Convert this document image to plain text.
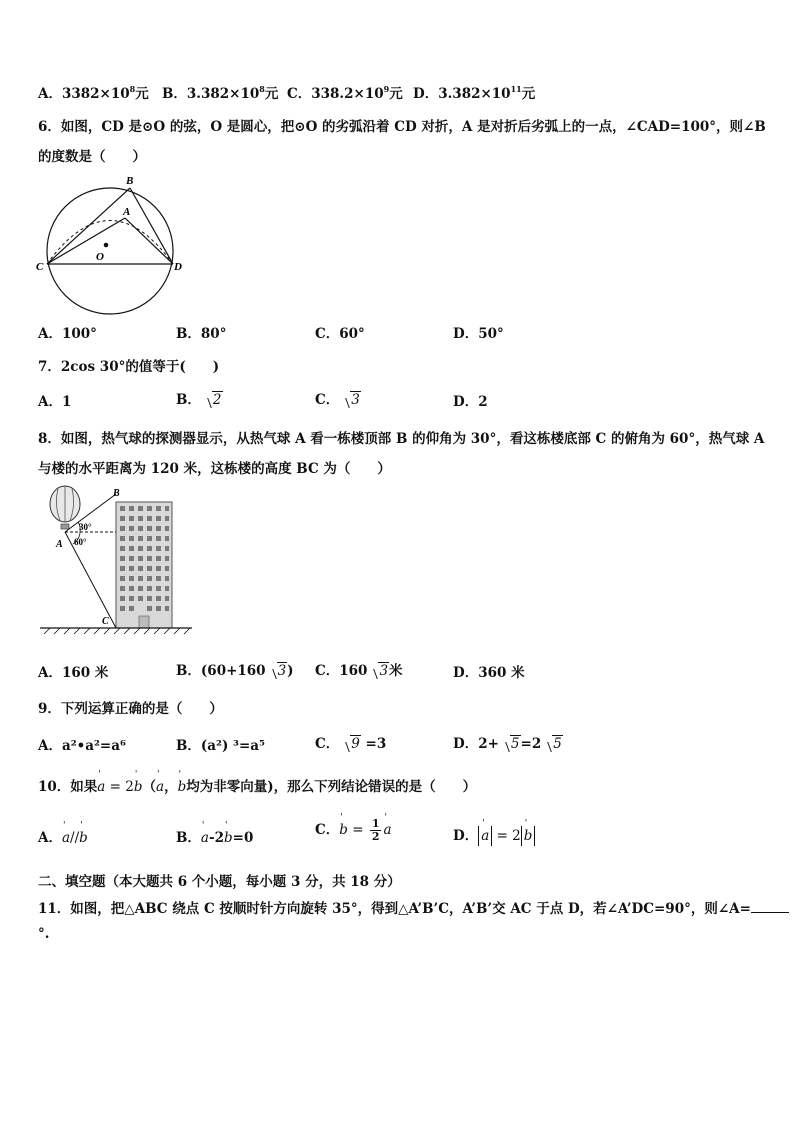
A．$3382\times 10^8$元 B．$3.382\times 10^8$元 C．$338.2\times 10^9$元 D．$3.382\times 10^{11}$元
6．如图，CD 是⊙O 的弦，O 是圆心，把⊙O 的劣弧沿着 CD 对折，A 是对折后劣弧上的一点，∠CAD=100°，则∠B
的度数是（　　）
B
A
O
C	D
A．100°	B．80°	C．60°	D．50°
7．2cos 30°的值等于(　　)
A．1	B． 2	C． 3	D．2
8．如图，热气球的探测器显示，从热气球 A 看一栋楼顶部 B 的仰角为 30°，看这栋楼底部 C 的俯角为 60°，热气球 A
与楼的水平距离为 120 米，这栋楼的高度 BC 为（　　）
B
A
C
30°
60°
A．160 米	B．(60+160 3) C．160 3米	D．360 米
9．下列运算正确的是（　　）
A．a²•a²=a⁶	B．(a²) ³=a⁵	C． 9 =3	D．2+ 5=2 5
10．如果' a = 2' b（' a，' b均为非零向量)，那么下列结论错误的是（　　）
A．' a//' b	B．' a-2' b=0	C．' $b = \frac{1}{2}$ ' a	D． ' a = 2 ' b
二、填空题（本大题共 6 个小题，每小题 3 分，共 18 分）
11．如图，把△ABC 绕点 C 按顺时针方向旋转 35°，得到△A’B’C，A’B’交 AC 于点 D，若∠A’DC=90°，则∠A=
°.
